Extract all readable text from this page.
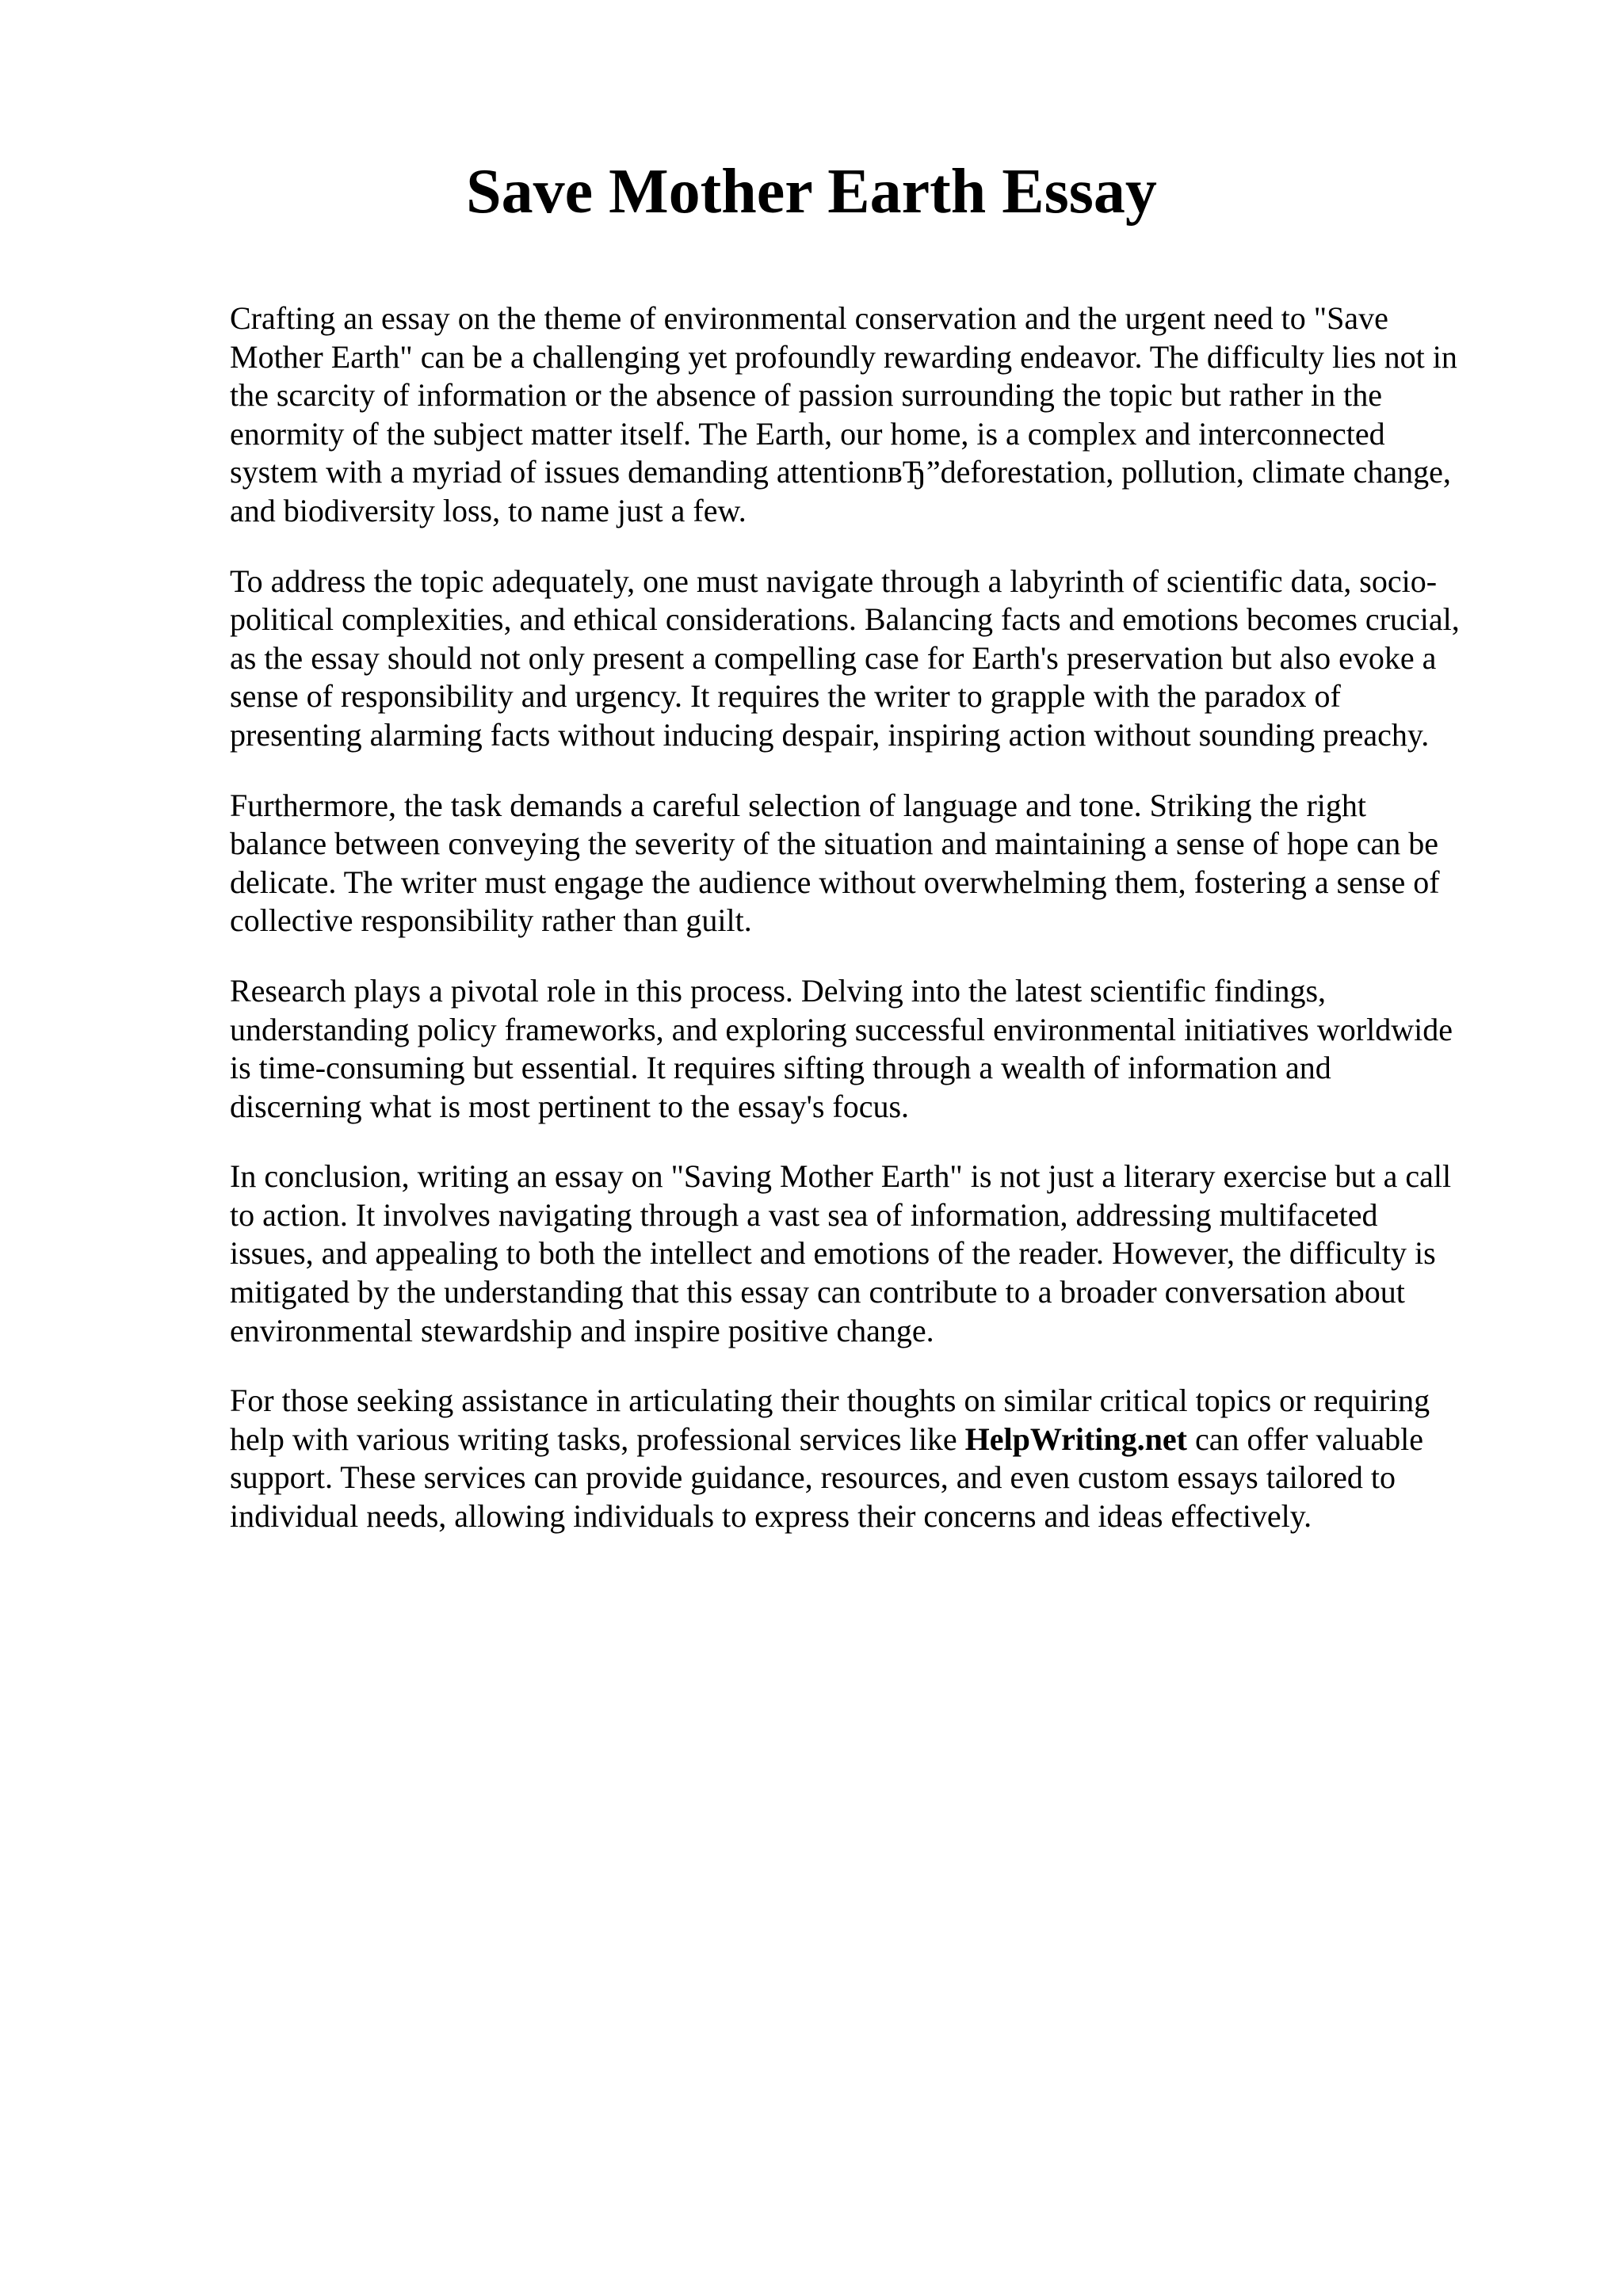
Save Mother Earth Essay

Crafting an essay on the theme of environmental conservation and the urgent need to "Save
Mother Earth" can be a challenging yet profoundly rewarding endeavor. The difficulty lies not in
the scarcity of information or the absence of passion surrounding the topic but rather in the
enormity of the subject matter itself. The Earth, our home, is a complex and interconnected
system with a myriad of issues demanding attentionвЂ”deforestation, pollution, climate change,
and biodiversity loss, to name just a few.

To address the topic adequately, one must navigate through a labyrinth of scientific data, socio-
political complexities, and ethical considerations. Balancing facts and emotions becomes crucial,
as the essay should not only present a compelling case for Earth's preservation but also evoke a
sense of responsibility and urgency. It requires the writer to grapple with the paradox of
presenting alarming facts without inducing despair, inspiring action without sounding preachy.

Furthermore, the task demands a careful selection of language and tone. Striking the right
balance between conveying the severity of the situation and maintaining a sense of hope can be
delicate. The writer must engage the audience without overwhelming them, fostering a sense of
collective responsibility rather than guilt.

Research plays a pivotal role in this process. Delving into the latest scientific findings,
understanding policy frameworks, and exploring successful environmental initiatives worldwide
is time-consuming but essential. It requires sifting through a wealth of information and
discerning what is most pertinent to the essay's focus.

In conclusion, writing an essay on "Saving Mother Earth" is not just a literary exercise but a call
to action. It involves navigating through a vast sea of information, addressing multifaceted
issues, and appealing to both the intellect and emotions of the reader. However, the difficulty is
mitigated by the understanding that this essay can contribute to a broader conversation about
environmental stewardship and inspire positive change.

For those seeking assistance in articulating their thoughts on similar critical topics or requiring
help with various writing tasks, professional services like HelpWriting.net can offer valuable
support. These services can provide guidance, resources, and even custom essays tailored to
individual needs, allowing individuals to express their concerns and ideas effectively.
